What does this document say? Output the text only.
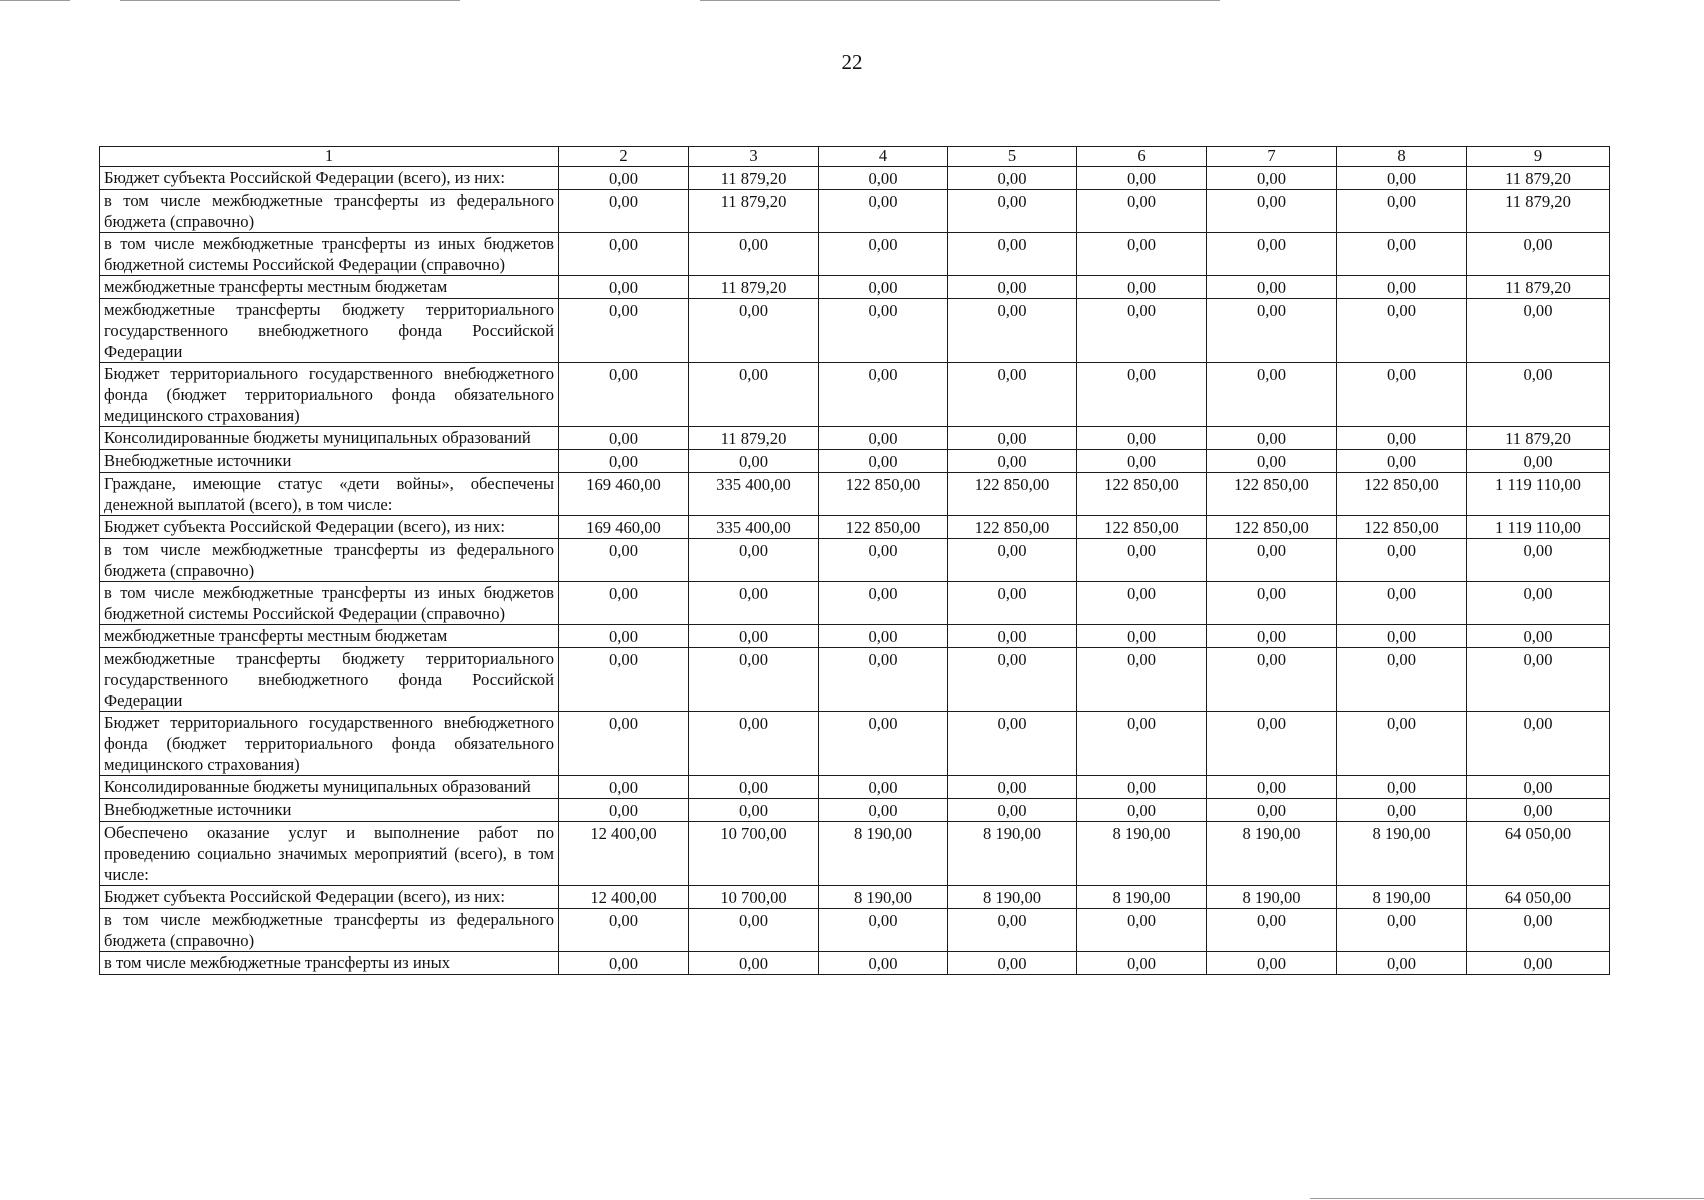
22
1	2	3	4	5	6	7	8	9
Бюджет субъекта Российской Федерации (всего), из них:	0,00	11 879,20	0,00	0,00	0,00	0,00	0,00	11 879,20
в том числе межбюджетные трансферты из федерального бюджета (справочно)	0,00	11 879,20	0,00	0,00	0,00	0,00	0,00	11 879,20
в том числе межбюджетные трансферты из иных бюджетов бюджетной системы Российской Федерации (справочно)	0,00	0,00	0,00	0,00	0,00	0,00	0,00	0,00
межбюджетные трансферты местным бюджетам	0,00	11 879,20	0,00	0,00	0,00	0,00	0,00	11 879,20
межбюджетные трансферты бюджету территориального государственного внебюджетного фонда Российской Федерации	0,00	0,00	0,00	0,00	0,00	0,00	0,00	0,00
Бюджет территориального государственного внебюджетного фонда (бюджет территориального фонда обязательного медицинского страхования)	0,00	0,00	0,00	0,00	0,00	0,00	0,00	0,00
Консолидированные бюджеты муниципальных образований	0,00	11 879,20	0,00	0,00	0,00	0,00	0,00	11 879,20
Внебюджетные источники	0,00	0,00	0,00	0,00	0,00	0,00	0,00	0,00
Граждане, имеющие статус «дети войны», обеспечены денежной выплатой (всего), в том числе:	169 460,00	335 400,00	122 850,00	122 850,00	122 850,00	122 850,00	122 850,00	1 119 110,00
Бюджет субъекта Российской Федерации (всего), из них:	169 460,00	335 400,00	122 850,00	122 850,00	122 850,00	122 850,00	122 850,00	1 119 110,00
в том числе межбюджетные трансферты из федерального бюджета (справочно)	0,00	0,00	0,00	0,00	0,00	0,00	0,00	0,00
в том числе межбюджетные трансферты из иных бюджетов бюджетной системы Российской Федерации (справочно)	0,00	0,00	0,00	0,00	0,00	0,00	0,00	0,00
межбюджетные трансферты местным бюджетам	0,00	0,00	0,00	0,00	0,00	0,00	0,00	0,00
межбюджетные трансферты бюджету территориального государственного внебюджетного фонда Российской Федерации	0,00	0,00	0,00	0,00	0,00	0,00	0,00	0,00
Бюджет территориального государственного внебюджетного фонда (бюджет территориального фонда обязательного медицинского страхования)	0,00	0,00	0,00	0,00	0,00	0,00	0,00	0,00
Консолидированные бюджеты муниципальных образований	0,00	0,00	0,00	0,00	0,00	0,00	0,00	0,00
Внебюджетные источники	0,00	0,00	0,00	0,00	0,00	0,00	0,00	0,00
Обеспечено оказание услуг и выполнение работ по проведению социально значимых мероприятий (всего), в том числе:	12 400,00	10 700,00	8 190,00	8 190,00	8 190,00	8 190,00	8 190,00	64 050,00
Бюджет субъекта Российской Федерации (всего), из них:	12 400,00	10 700,00	8 190,00	8 190,00	8 190,00	8 190,00	8 190,00	64 050,00
в том числе межбюджетные трансферты из федерального бюджета (справочно)	0,00	0,00	0,00	0,00	0,00	0,00	0,00	0,00
в том числе межбюджетные трансферты из иных	0,00	0,00	0,00	0,00	0,00	0,00	0,00	0,00
